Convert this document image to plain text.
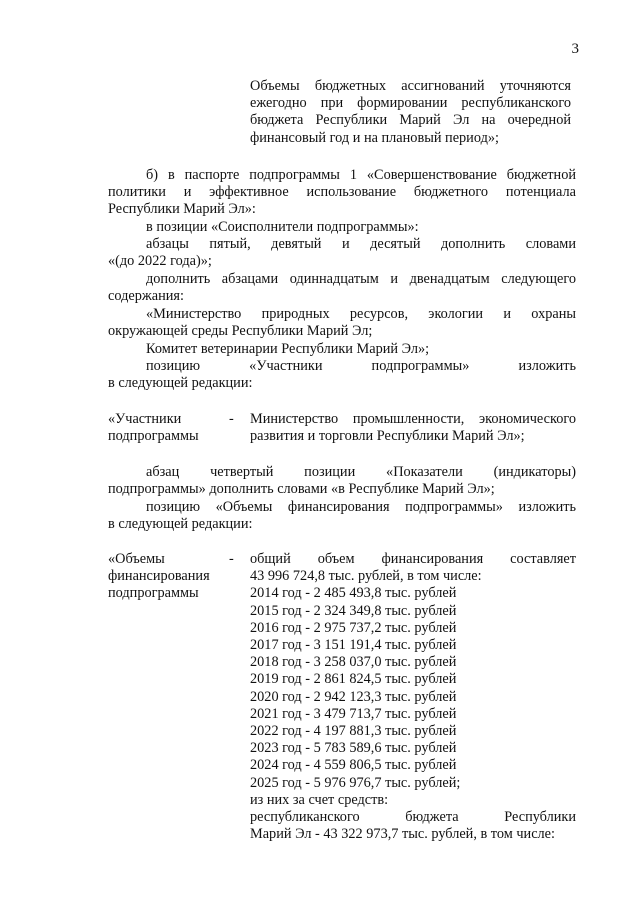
3
Объемы бюджетных ассигнований уточняются
ежегодно при формировании республиканского
бюджета Республики Марий Эл на очередной
финансовый год и на плановый период»;
б) в паспорте подпрограммы 1 «Совершенствование бюджетной
политики и эффективное использование бюджетного потенциала
Республики Марий Эл»:
в позиции «Соисполнители подпрограммы»:
абзацы пятый, девятый и десятый дополнить словами
«(до 2022 года)»;
дополнить абзацами одиннадцатым и двенадцатым следующего
содержания:
«Министерство природных ресурсов, экологии и охраны
окружающей среды Республики Марий Эл;
Комитет ветеринарии Республики Марий Эл»;
позицию «Участники подпрограммы» изложить
в следующей редакции:
«Участники
подпрограммы
- Министерство промышленности, экономического
развития и торговли Республики Марий Эл»;
абзац четвертый позиции «Показатели (индикаторы)
подпрограммы» дополнить словами «в Республике Марий Эл»;
позицию «Объемы финансирования подпрограммы» изложить
в следующей редакции:
«Объемы
финансирования
подпрограммы
- общий объем финансирования составляет
43 996 724,8 тыс. рублей, в том числе:
2014 год - 2 485 493,8 тыс. рублей
2015 год - 2 324 349,8 тыс. рублей
2016 год - 2 975 737,2 тыс. рублей
2017 год - 3 151 191,4 тыс. рублей
2018 год - 3 258 037,0 тыс. рублей
2019 год - 2 861 824,5 тыс. рублей
2020 год - 2 942 123,3 тыс. рублей
2021 год - 3 479 713,7 тыс. рублей
2022 год - 4 197 881,3 тыс. рублей
2023 год - 5 783 589,6 тыс. рублей
2024 год - 4 559 806,5 тыс. рублей
2025 год - 5 976 976,7 тыс. рублей;
из них за счет средств:
республиканского бюджета Республики
Марий Эл - 43 322 973,7 тыс. рублей, в том числе:
